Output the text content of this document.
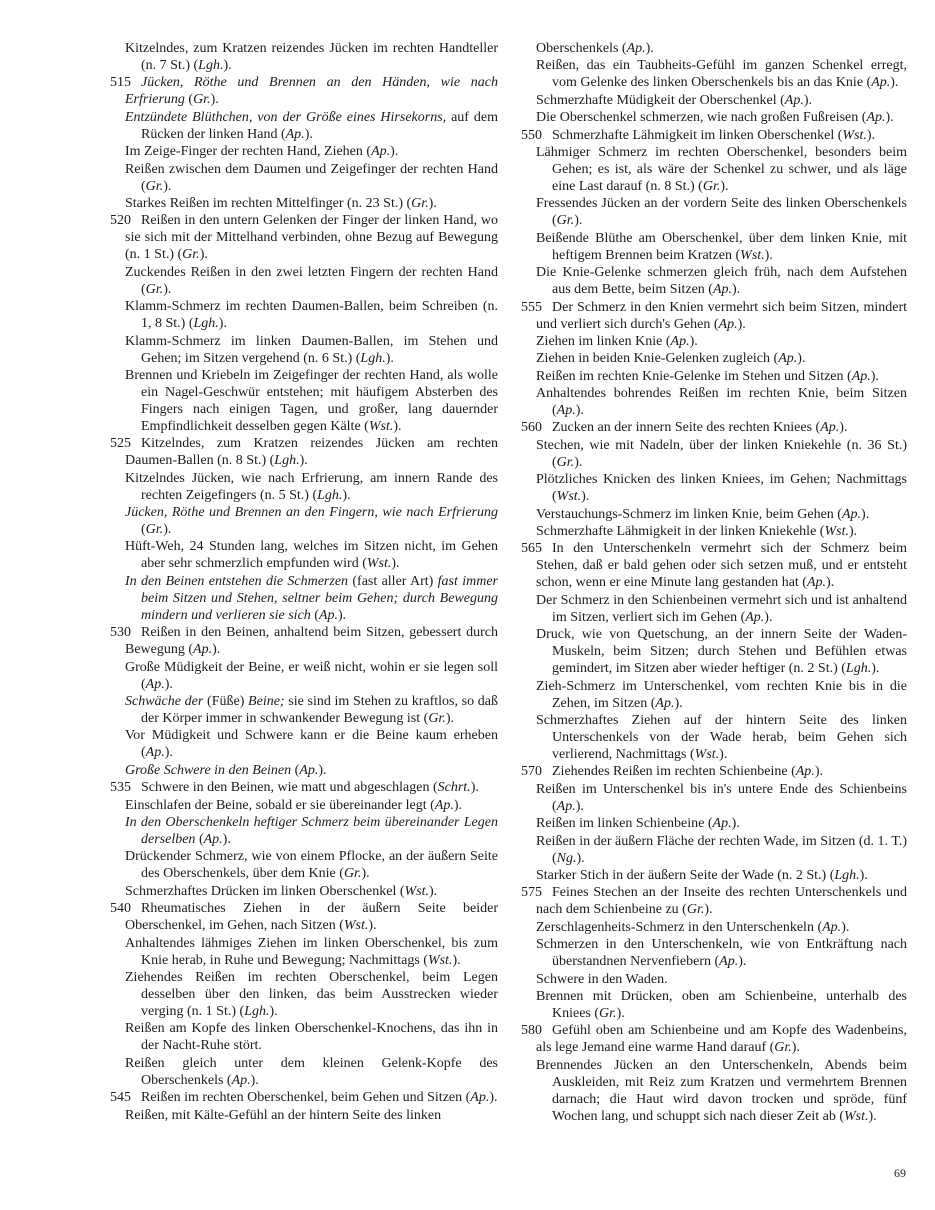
Kitzelndes, zum Kratzen reizendes Jücken im rechten Handteller (n. 7 St.) (Lgh.).

515 Jücken, Röthe und Brennen an den Händen, wie nach Erfrierung (Gr.).

Entzündete Blüthchen, von der Größe eines Hirsekorns, auf dem Rücken der linken Hand (Ap.).

Im Zeige-Finger der rechten Hand, Ziehen (Ap.).

Reißen zwischen dem Daumen und Zeigefinger der rechten Hand (Gr.).

Starkes Reißen im rechten Mittelfinger (n. 23 St.) (Gr.).

520 Reißen in den untern Gelenken der Finger der linken Hand, wo sie sich mit der Mittelhand verbinden, ohne Bezug auf Bewegung (n. 1 St.) (Gr.).

Zuckendes Reißen in den zwei letzten Fingern der rechten Hand (Gr.).

Klamm-Schmerz im rechten Daumen-Ballen, beim Schreiben (n. 1, 8 St.) (Lgh.).

Klamm-Schmerz im linken Daumen-Ballen, im Stehen und Gehen; im Sitzen vergehend (n. 6 St.) (Lgh.).

Brennen und Kriebeln im Zeigefinger der rechten Hand, als wolle ein Nagel-Geschwür entstehen; mit häufigem Absterben des Fingers nach einigen Tagen, und großer, lang dauernder Empfindlichkeit desselben gegen Kälte (Wst.).

525 Kitzelndes, zum Kratzen reizendes Jücken am rechten Daumen-Ballen (n. 8 St.) (Lgh.).

Kitzelndes Jücken, wie nach Erfrierung, am innern Rande des rechten Zeigefingers (n. 5 St.) (Lgh.).

Jücken, Röthe und Brennen an den Fingern, wie nach Erfrierung (Gr.).

Hüft-Weh, 24 Stunden lang, welches im Sitzen nicht, im Gehen aber sehr schmerzlich empfunden wird (Wst.).

In den Beinen entstehen die Schmerzen (fast aller Art) fast immer beim Sitzen und Stehen, seltner beim Gehen; durch Bewegung mindern und verlieren sie sich (Ap.).

530 Reißen in den Beinen, anhaltend beim Sitzen, gebessert durch Bewegung (Ap.).

Große Müdigkeit der Beine, er weiß nicht, wohin er sie legen soll (Ap.).

Schwäche der (Füße) Beine; sie sind im Stehen zu kraftlos, so daß der Körper immer in schwankender Bewegung ist (Gr.).

Vor Müdigkeit und Schwere kann er die Beine kaum erheben (Ap.).

Große Schwere in den Beinen (Ap.).

535 Schwere in den Beinen, wie matt und abgeschlagen (Schrt.).

Einschlafen der Beine, sobald er sie übereinander legt (Ap.).

In den Oberschenkeln heftiger Schmerz beim übereinander Legen derselben (Ap.).

Drückender Schmerz, wie von einem Pflocke, an der äußern Seite des Oberschenkels, über dem Knie (Gr.).

Schmerzhaftes Drücken im linken Oberschenkel (Wst.).

540 Rheumatisches Ziehen in der äußern Seite beider Oberschenkel, im Gehen, nach Sitzen (Wst.).

Anhaltendes lähmiges Ziehen im linken Oberschenkel, bis zum Knie herab, in Ruhe und Bewegung; Nachmittags (Wst.).

Ziehendes Reißen im rechten Oberschenkel, beim Legen desselben über den linken, das beim Ausstrecken wieder verging (n. 1 St.) (Lgh.).

Reißen am Kopfe des linken Oberschenkel-Knochens, das ihn in der Nacht-Ruhe stört.

Reißen gleich unter dem kleinen Gelenk-Kopfe des Oberschenkels (Ap.).

545 Reißen im rechten Oberschenkel, beim Gehen und Sitzen (Ap.).

Reißen, mit Kälte-Gefühl an der hintern Seite des linken

Oberschenkels (Ap.).

Reißen, das ein Taubheits-Gefühl im ganzen Schenkel erregt, vom Gelenke des linken Oberschenkels bis an das Knie (Ap.).

Schmerzhafte Müdigkeit der Oberschenkel (Ap.).

Die Oberschenkel schmerzen, wie nach großen Fußreisen (Ap.).

550 Schmerzhafte Lähmigkeit im linken Oberschenkel (Wst.).

Lähmiger Schmerz im rechten Oberschenkel, besonders beim Gehen; es ist, als wäre der Schenkel zu schwer, und als läge eine Last darauf (n. 8 St.) (Gr.).

Fressendes Jücken an der vordern Seite des linken Oberschenkels (Gr.).

Beißende Blüthe am Oberschenkel, über dem linken Knie, mit heftigem Brennen beim Kratzen (Wst.).

Die Knie-Gelenke schmerzen gleich früh, nach dem Aufstehen aus dem Bette, beim Sitzen (Ap.).

555 Der Schmerz in den Knien vermehrt sich beim Sitzen, mindert und verliert sich durch's Gehen (Ap.).

Ziehen im linken Knie (Ap.).

Ziehen in beiden Knie-Gelenken zugleich (Ap.).

Reißen im rechten Knie-Gelenke im Stehen und Sitzen (Ap.).

Anhaltendes bohrendes Reißen im rechten Knie, beim Sitzen (Ap.).

560 Zucken an der innern Seite des rechten Kniees (Ap.).

Stechen, wie mit Nadeln, über der linken Kniekehle (n. 36 St.) (Gr.).

Plötzliches Knicken des linken Kniees, im Gehen; Nachmittags (Wst.).

Verstauchungs-Schmerz im linken Knie, beim Gehen (Ap.).

Schmerzhafte Lähmigkeit in der linken Kniekehle (Wst.).

565 In den Unterschenkeln vermehrt sich der Schmerz beim Stehen, daß er bald gehen oder sich setzen muß, und er entsteht schon, wenn er eine Minute lang gestanden hat (Ap.).

Der Schmerz in den Schienbeinen vermehrt sich und ist anhaltend im Sitzen, verliert sich im Gehen (Ap.).

Druck, wie von Quetschung, an der innern Seite der Waden-Muskeln, beim Sitzen; durch Stehen und Befühlen etwas gemindert, im Sitzen aber wieder heftiger (n. 2 St.) (Lgh.).

Zieh-Schmerz im Unterschenkel, vom rechten Knie bis in die Zehen, im Sitzen (Ap.).

Schmerzhaftes Ziehen auf der hintern Seite des linken Unterschenkels von der Wade herab, beim Gehen sich verlierend, Nachmittags (Wst.).

570 Ziehendes Reißen im rechten Schienbeine (Ap.).

Reißen im Unterschenkel bis in's untere Ende des Schienbeins (Ap.).

Reißen im linken Schienbeine (Ap.).

Reißen in der äußern Fläche der rechten Wade, im Sitzen (d. 1. T.) (Ng.).

Starker Stich in der äußern Seite der Wade (n. 2 St.) (Lgh.).

575 Feines Stechen an der Inseite des rechten Unterschenkels und nach dem Schienbeine zu (Gr.).

Zerschlagenheits-Schmerz in den Unterschenkeln (Ap.).

Schmerzen in den Unterschenkeln, wie von Entkräftung nach überstandnen Nervenfiebern (Ap.).

Schwere in den Waden.

Brennen mit Drücken, oben am Schienbeine, unterhalb des Kniees (Gr.).

580 Gefühl oben am Schienbeine und am Kopfe des Wadenbeins, als lege Jemand eine warme Hand darauf (Gr.).

Brennendes Jücken an den Unterschenkeln, Abends beim Auskleiden, mit Reiz zum Kratzen und vermehrtem Brennen darnach; die Haut wird davon trocken und spröde, fünf Wochen lang, und schuppt sich nach dieser Zeit ab (Wst.).

69
